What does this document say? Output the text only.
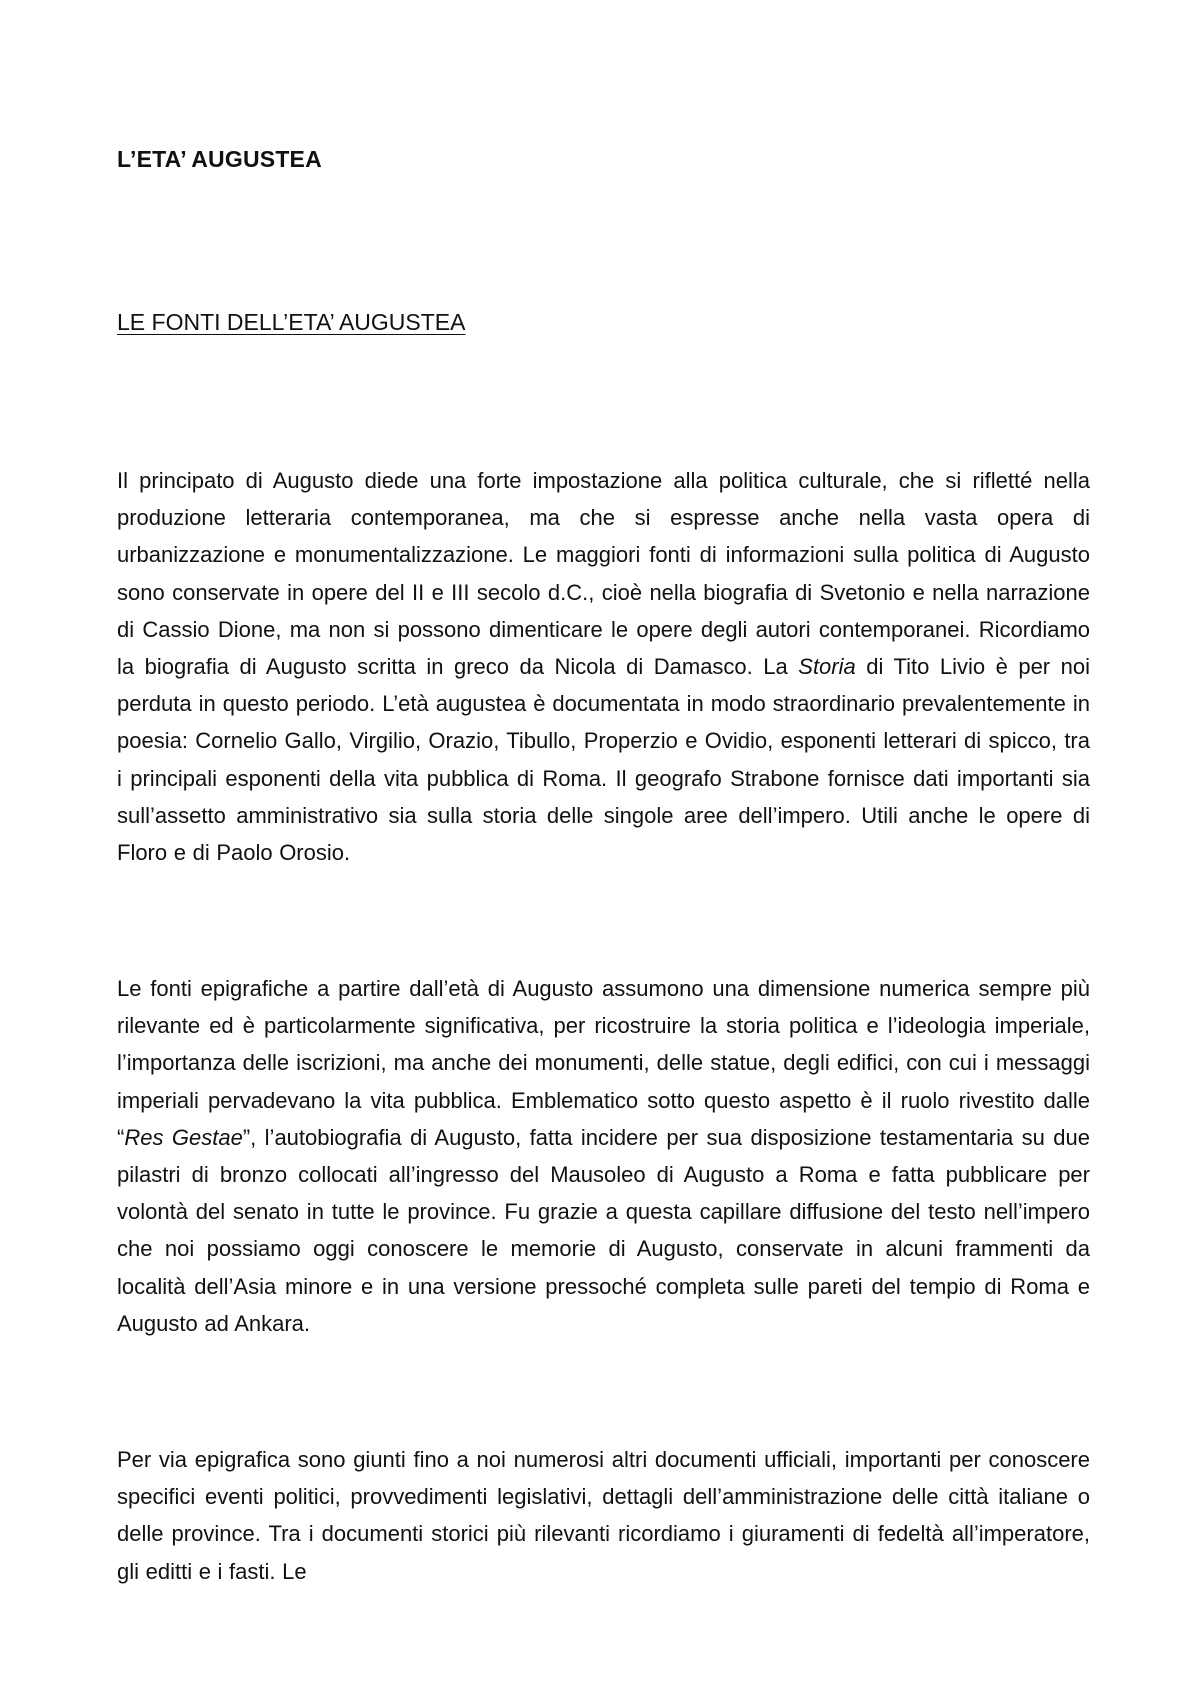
L’ETA’ AUGUSTEA
LE FONTI DELL’ETA’ AUGUSTEA

Il principato di Augusto diede una forte impostazione alla politica culturale, che si rifletté nella produzione letteraria contemporanea, ma che si espresse anche nella vasta opera di urbanizzazione e monumentalizzazione. Le maggiori fonti di informazioni sulla politica di Augusto sono conservate in opere del II e III secolo d.C., cioè nella biografia di Svetonio e nella narrazione di Cassio Dione, ma non si possono dimenticare le opere degli autori contemporanei. Ricordiamo la biografia di Augusto scritta in greco da Nicola di Damasco. La Storia di Tito Livio è per noi perduta in questo periodo. L’età augustea è documentata in modo straordinario prevalentemente in poesia: Cornelio Gallo, Virgilio, Orazio, Tibullo, Properzio e Ovidio, esponenti letterari di spicco, tra i principali esponenti della vita pubblica di Roma. Il geografo Strabone fornisce dati importanti sia sull’assetto amministrativo sia sulla storia delle singole aree dell’impero. Utili anche le opere di Floro e di Paolo Orosio.

Le fonti epigrafiche a partire dall’età di Augusto assumono una dimensione numerica sempre più rilevante ed è particolarmente significativa, per ricostruire la storia politica e l’ideologia imperiale, l’importanza delle iscrizioni, ma anche dei monumenti, delle statue, degli edifici, con cui i messaggi imperiali pervadevano la vita pubblica. Emblematico sotto questo aspetto è il ruolo rivestito dalle “Res Gestae”, l’autobiografia di Augusto, fatta incidere per sua disposizione testamentaria su due pilastri di bronzo collocati all’ingresso del Mausoleo di Augusto a Roma e fatta pubblicare per volontà del senato in tutte le province. Fu grazie a questa capillare diffusione del testo nell’impero che noi possiamo oggi conoscere le memorie di Augusto, conservate in alcuni frammenti da località dell’Asia minore e in una versione pressoché completa sulle pareti del tempio di Roma e Augusto ad Ankara.

Per via epigrafica sono giunti fino a noi numerosi altri documenti ufficiali, importanti per conoscere specifici eventi politici, provvedimenti legislativi, dettagli dell’amministrazione delle città italiane o delle province. Tra i documenti storici più rilevanti ricordiamo i giuramenti di fedeltà all’imperatore, gli editti e i fasti. Le
